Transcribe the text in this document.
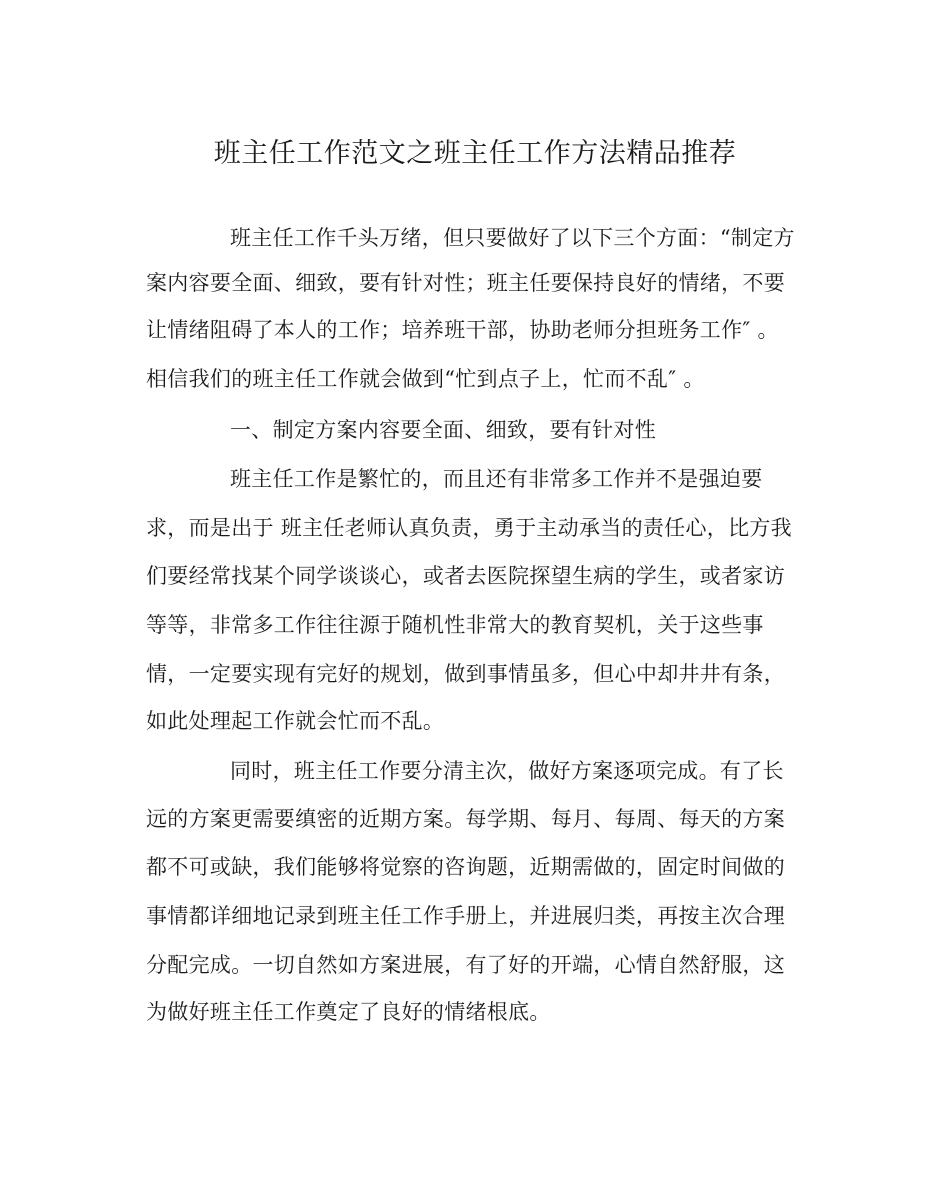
班主任工作范文之班主任工作方法精品推荐
班主任工作千头万绪，但只要做好了以下三个方面：“制定方
案内容要全面、细致，要有针对性；班主任要保持良好的情绪，不要
让情绪阻碍了本人的工作；培养班干部，协助老师分担班务工作″ 。
相信我们的班主任工作就会做到“忙到点子上，忙而不乱″ 。
一、制定方案内容要全面、细致，要有针对性
班主任工作是繁忙的，而且还有非常多工作并不是强迫要
求，而是出于 班主任老师认真负责，勇于主动承当的责任心，比方我
们要经常找某个同学谈谈心，或者去医院探望生病的学生，或者家访
等等，非常多工作往往源于随机性非常大的教育契机，关于这些事
情，一定要实现有完好的规划，做到事情虽多，但心中却井井有条，
如此处理起工作就会忙而不乱。
同时，班主任工作要分清主次，做好方案逐项完成。有了长
远的方案更需要缜密的近期方案。每学期、每月、每周、每天的方案
都不可或缺，我们能够将觉察的咨询题，近期需做的，固定时间做的
事情都详细地记录到班主任工作手册上，并进展归类，再按主次合理
分配完成。一切自然如方案进展，有了好的开端，心情自然舒服，这
为做好班主任工作奠定了良好的情绪根底。
